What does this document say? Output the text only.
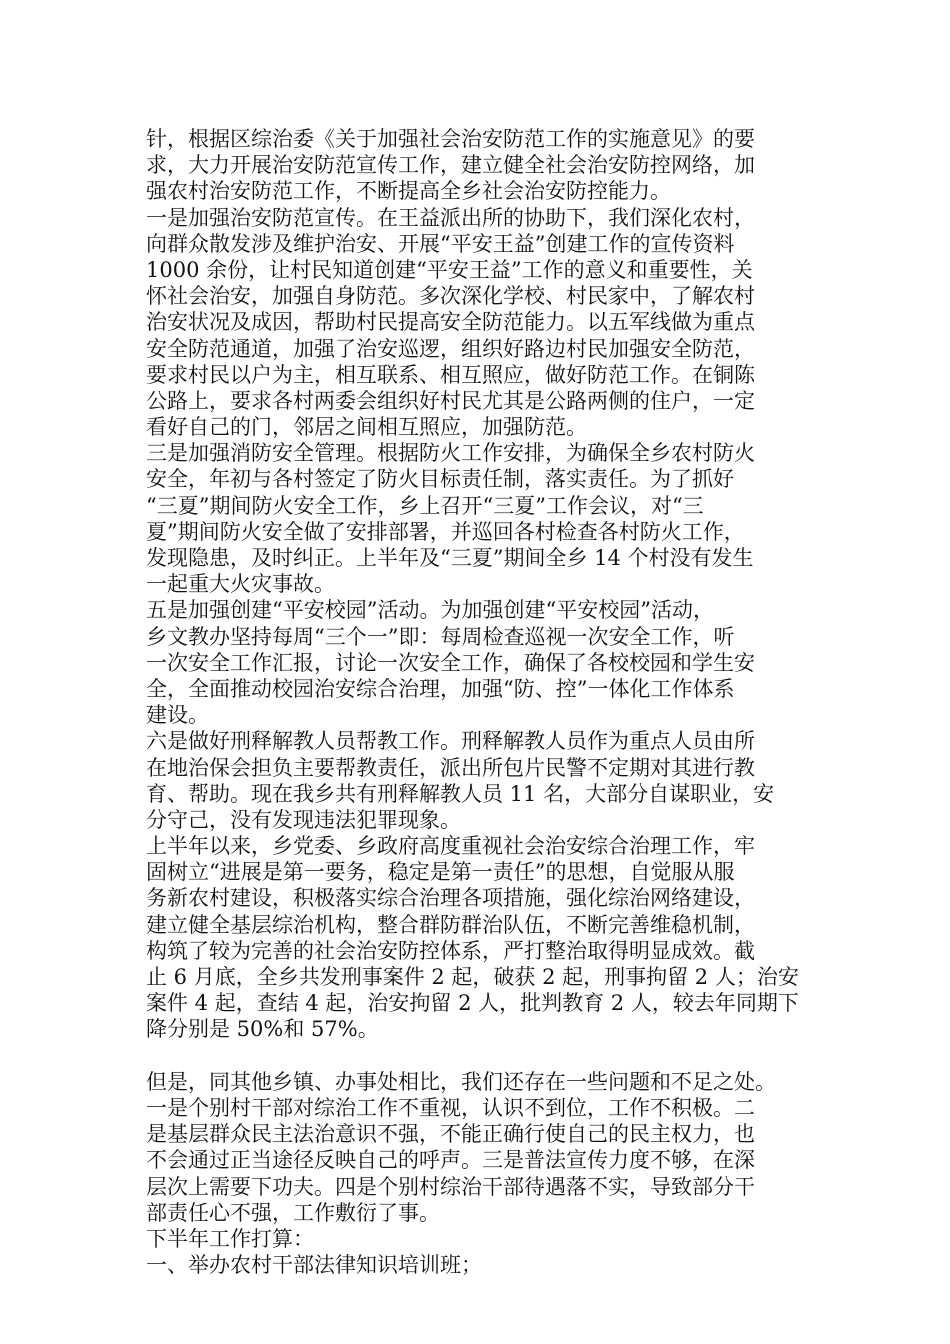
针，根据区综治委《关于加强社会治安防范工作的实施意见》的要
求，大力开展治安防范宣传工作，建立健全社会治安防控网络，加
强农村治安防范工作，不断提高全乡社会治安防控能力。
一是加强治安防范宣传。在王益派出所的协助下，我们深化农村，
向群众散发涉及维护治安、开展“平安王益”创建工作的宣传资料
1000 余份，让村民知道创建“平安王益”工作的意义和重要性，关
怀社会治安，加强自身防范。多次深化学校、村民家中，了解农村
治安状况及成因，帮助村民提高安全防范能力。以五军线做为重点
安全防范通道，加强了治安巡逻，组织好路边村民加强安全防范，
要求村民以户为主，相互联系、相互照应，做好防范工作。在铜陈
公路上，要求各村两委会组织好村民尤其是公路两侧的住户，一定
看好自己的门，邻居之间相互照应，加强防范。
三是加强消防安全管理。根据防火工作安排，为确保全乡农村防火
安全，年初与各村签定了防火目标责任制，落实责任。为了抓好
“三夏”期间防火安全工作，乡上召开“三夏”工作会议，对“三
夏”期间防火安全做了安排部署，并巡回各村检查各村防火工作，
发现隐患，及时纠正。上半年及“三夏”期间全乡 14 个村没有发生
一起重大火灾事故。
五是加强创建“平安校园”活动。为加强创建“平安校园”活动，
乡文教办坚持每周“三个一”即：每周检查巡视一次安全工作，听
一次安全工作汇报，讨论一次安全工作，确保了各校校园和学生安
全，全面推动校园治安综合治理，加强“防、控”一体化工作体系
建设。
六是做好刑释解教人员帮教工作。刑释解教人员作为重点人员由所
在地治保会担负主要帮教责任，派出所包片民警不定期对其进行教
育、帮助。现在我乡共有刑释解教人员 11 名，大部分自谋职业，安
分守己，没有发现违法犯罪现象。
上半年以来，乡党委、乡政府高度重视社会治安综合治理工作，牢
固树立“进展是第一要务，稳定是第一责任”的思想，自觉服从服
务新农村建设，积极落实综合治理各项措施，强化综治网络建设，
建立健全基层综治机构，整合群防群治队伍，不断完善维稳机制，
构筑了较为完善的社会治安防控体系，严打整治取得明显成效。截
止 6 月底，全乡共发刑事案件 2 起，破获 2 起，刑事拘留 2 人；治安
案件 4 起，查结 4 起，治安拘留 2 人，批判教育 2 人，较去年同期下
降分别是 50%和 57%。
但是，同其他乡镇、办事处相比，我们还存在一些问题和不足之处。
一是个别村干部对综治工作不重视，认识不到位，工作不积极。二
是基层群众民主法治意识不强，不能正确行使自己的民主权力，也
不会通过正当途径反映自己的呼声。三是普法宣传力度不够，在深
层次上需要下功夫。四是个别村综治干部待遇落不实，导致部分干
部责任心不强，工作敷衍了事。
下半年工作打算：
一、举办农村干部法律知识培训班；
